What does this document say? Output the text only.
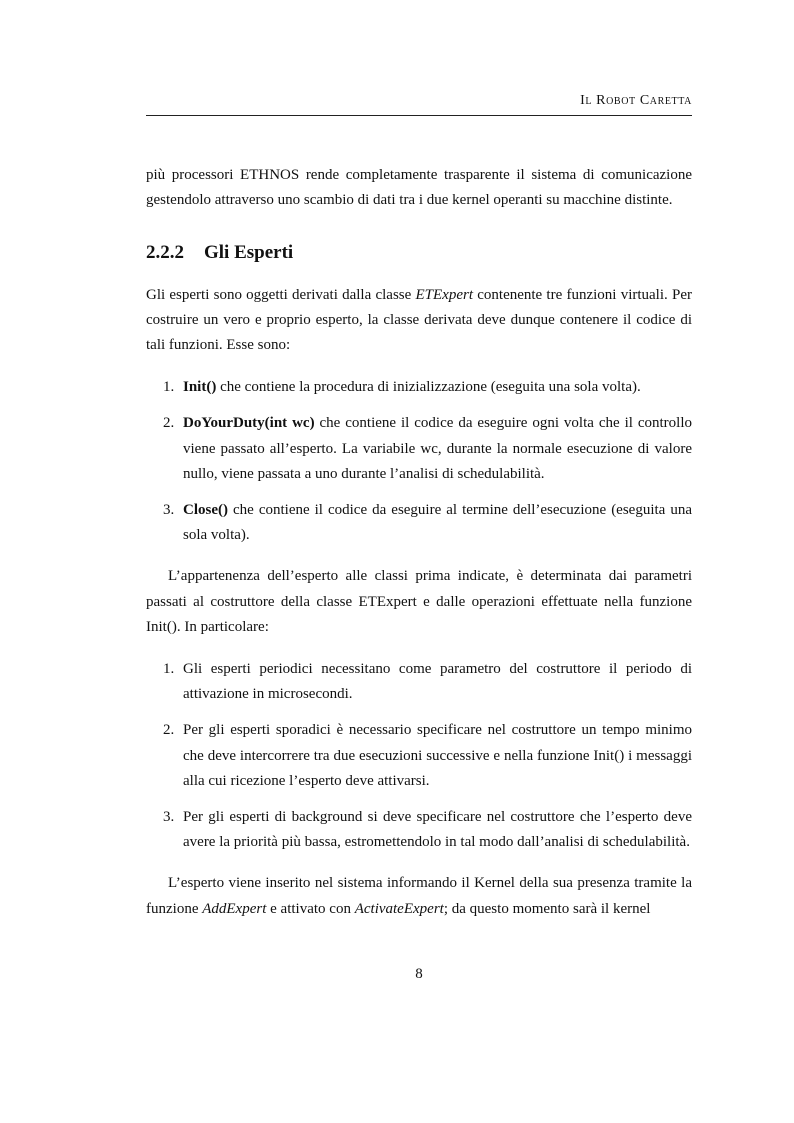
Il Robot Caretta

più processori ETHNOS rende completamente trasparente il sistema di comunicazione gestendolo attraverso uno scambio di dati tra i due kernel operanti su macchine distinte.

2.2.2 Gli Esperti

Gli esperti sono oggetti derivati dalla classe ETExpert contenente tre funzioni virtuali. Per costruire un vero e proprio esperto, la classe derivata deve dunque contenere il codice di tali funzioni. Esse sono:

1. Init() che contiene la procedura di inizializzazione (eseguita una sola volta).
2. DoYourDuty(int wc) che contiene il codice da eseguire ogni volta che il controllo viene passato all’esperto. La variabile wc, durante la normale esecuzione di valore nullo, viene passata a uno durante l’analisi di schedulabilità.
3. Close() che contiene il codice da eseguire al termine dell’esecuzione (eseguita una sola volta).

L’appartenenza dell’esperto alle classi prima indicate, è determinata dai parametri passati al costruttore della classe ETExpert e dalle operazioni effettuate nella funzione Init(). In particolare:

1. Gli esperti periodici necessitano come parametro del costruttore il periodo di attivazione in microsecondi.
2. Per gli esperti sporadici è necessario specificare nel costruttore un tempo minimo che deve intercorrere tra due esecuzioni successive e nella funzione Init() i messaggi alla cui ricezione l’esperto deve attivarsi.
3. Per gli esperti di background si deve specificare nel costruttore che l’esperto deve avere la priorità più bassa, estromettendolo in tal modo dall’analisi di schedulabilità.

L’esperto viene inserito nel sistema informando il Kernel della sua presenza tramite la funzione AddExpert e attivato con ActivateExpert; da questo momento sarà il kernel

8
